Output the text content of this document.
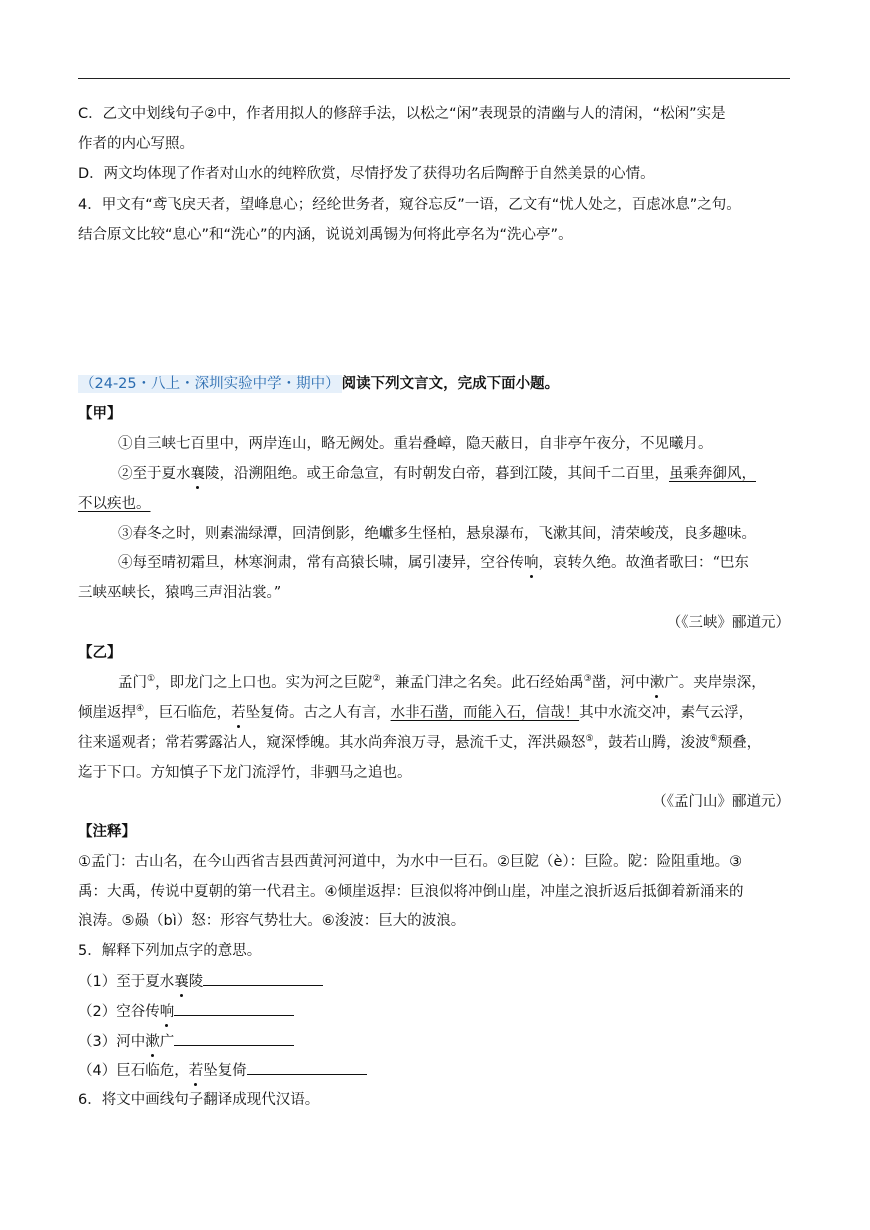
C．乙文中划线句子②中，作者用拟人的修辞手法，以松之“闲”表现景的清幽与人的清闲，“松闲”实是
作者的内心写照。
D．两文均体现了作者对山水的纯粹欣赏，尽情抒发了获得功名后陶醉于自然美景的心情。
4．甲文有“鸢飞戾天者，望峰息心；经纶世务者，窥谷忘反”一语，乙文有“忧人处之，百虑冰息”之句。
结合原文比较“息心”和“洗心”的内涵，说说刘禹锡为何将此亭名为“洗心亭”。
（24-25・八上・深圳实验中学・期中） 阅读下列文言文，完成下面小题。
【甲】
①自三峡七百里中，两岸连山，略无阙处。重岩叠嶂，隐天蔽日，自非亭午夜分，不见曦月。
②至于夏水襄陵，沿溯阻绝。或王命急宣，有时朝发白帝，暮到江陵，其间千二百里，虽乘奔御风，
不以疾也。
③春冬之时，则素湍绿潭，回清倒影，绝巘多生怪柏，悬泉瀑布，飞漱其间，清荣峻茂，良多趣味。
④每至晴初霜旦，林寒涧肃，常有高猿长啸，属引凄异，空谷传响，哀转久绝。故渔者歌曰：“巴东
三峡巫峡长，猿鸣三声泪沾裳。”
（《三峡》郦道元）
【乙】
孟门①，即龙门之上口也。实为河之巨阸②，兼孟门津之名矣。此石经始禹③凿，河中漱广。夹岸崇深，
倾崖返捍④，巨石临危，若坠复倚。古之人有言，水非石凿，而能入石，信哉！其中水流交冲，素气云浮，
往来遥观者；常若雾露沾人，窥深悸魄。其水尚奔浪万寻，悬流千丈，浑洪赑怒⑤，鼓若山腾，浚波⑥颓叠，
迄于下口。方知慎子下龙门流浮竹，非驷马之追也。
（《孟门山》郦道元）
【注释】
①孟门：古山名，在今山西省吉县西黄河河道中，为水中一巨石。②巨阸（è）：巨险。阸：险阻重地。③
禹：大禹，传说中夏朝的第一代君主。④倾崖返捍：巨浪似将冲倒山崖，冲崖之浪折返后抵御着新涌来的
浪涛。⑤赑（bì）怒：形容气势壮大。⑥浚波：巨大的波浪。
5．解释下列加点字的意思。
（1）至于夏水襄陵
（2）空谷传响
（3）河中漱广
（4）巨石临危，若坠复倚
6．将文中画线句子翻译成现代汉语。
